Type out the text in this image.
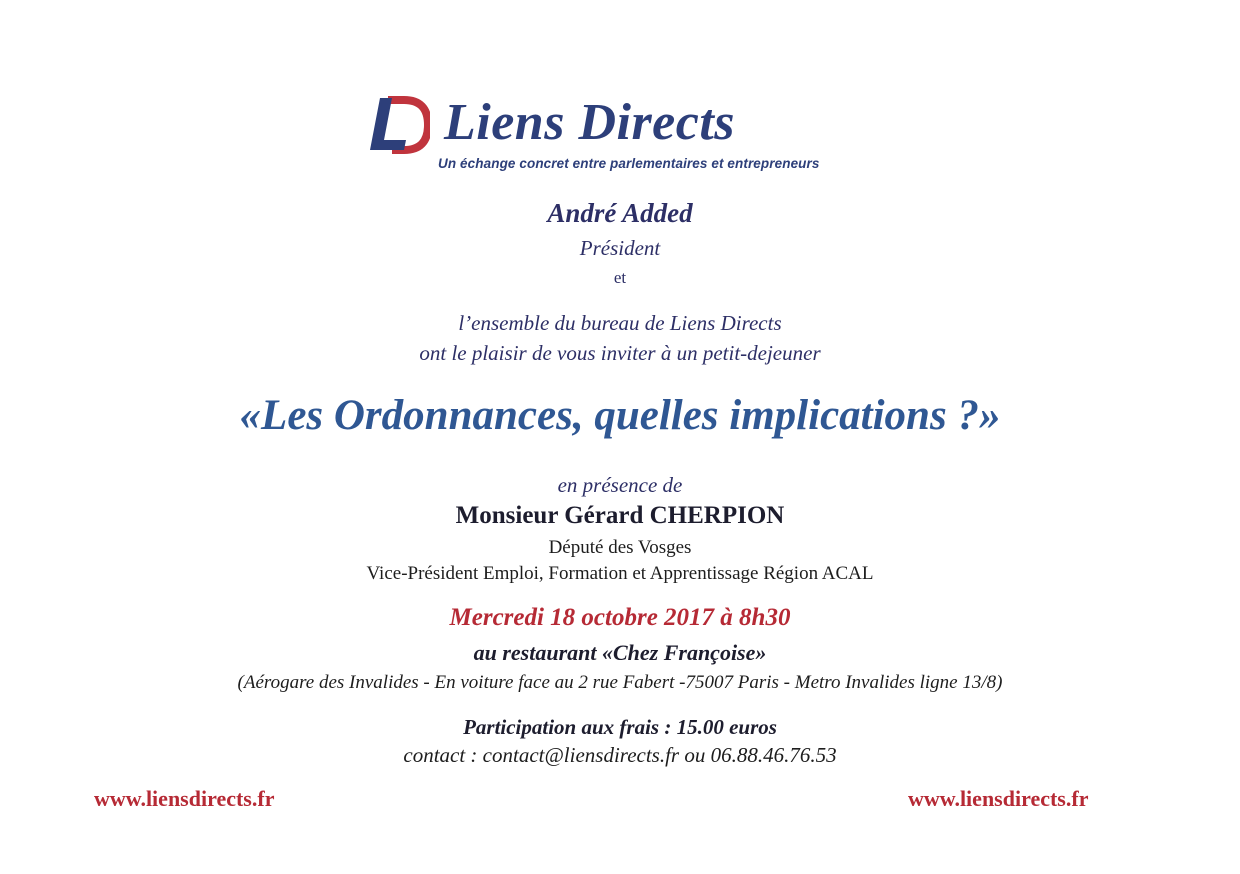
Liens Directs
Un échange concret entre parlementaires et entrepreneurs
André Added
Président
et
l’ensemble du bureau de Liens Directs
ont le plaisir de vous inviter à un petit-dejeuner
«Les Ordonnances, quelles implications ?»
en présence de
Monsieur Gérard CHERPION
Député des Vosges
Vice-Président Emploi, Formation et Apprentissage Région ACAL
Mercredi 18 octobre 2017 à 8h30
au restaurant «Chez Françoise»
(Aérogare des Invalides - En voiture face au 2 rue Fabert -75007 Paris - Metro Invalides ligne 13/8)
Participation aux frais : 15.00 euros
contact : contact@liensdirects.fr ou 06.88.46.76.53
www.liensdirects.fr	www.liensdirects.fr
